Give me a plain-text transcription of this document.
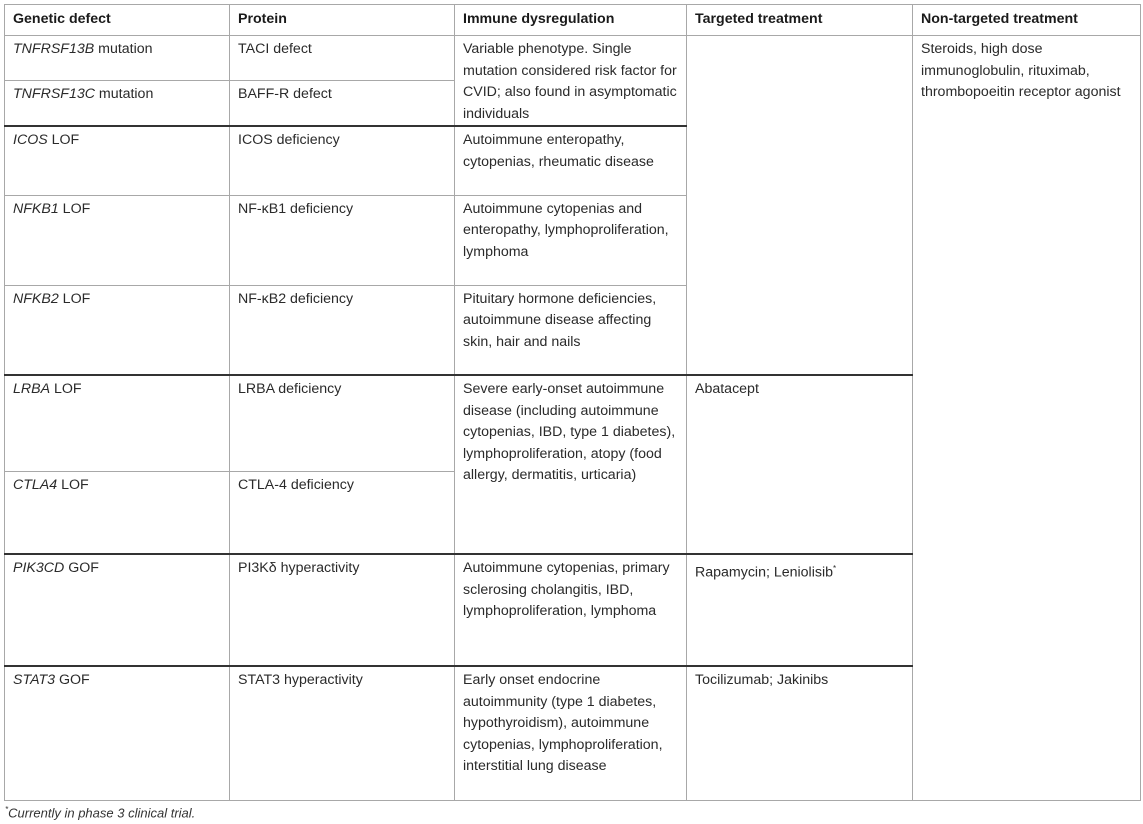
Genetic defect	Protein	Immune dysregulation	Targeted treatment	Non-targeted treatment
TNFRSF13B mutation	TACI defect	Variable phenotype. Single mutation considered risk factor for CVID; also found in asymptomatic individuals		Steroids, high dose immunoglobulin, rituximab, thrombopoeitin receptor agonist
TNFRSF13C mutation	BAFF-R defect			
ICOS LOF	ICOS deficiency	Autoimmune enteropathy, cytopenias, rheumatic disease		
NFKB1 LOF	NF-κB1 deficiency	Autoimmune cytopenias and enteropathy, lymphoproliferation, lymphoma		
NFKB2 LOF	NF-κB2 deficiency	Pituitary hormone deficiencies, autoimmune disease affecting skin, hair and nails		
LRBA LOF	LRBA deficiency	Severe early-onset autoimmune disease (including autoimmune cytopenias, IBD, type 1 diabetes), lymphoproliferation, atopy (food allergy, dermatitis, urticaria)	Abatacept	
CTLA4 LOF	CTLA-4 deficiency			
PIK3CD GOF	PI3Kδ hyperactivity	Autoimmune cytopenias, primary sclerosing cholangitis, IBD, lymphoproliferation, lymphoma	Rapamycin; Leniolisib*
STAT3 GOF	STAT3 hyperactivity	Early onset endocrine autoimmunity (type 1 diabetes, hypothyroidism), autoimmune cytopenias, lymphoproliferation, interstitial lung disease	Tocilizumab; Jakinibs	
*Currently in phase 3 clinical trial.
